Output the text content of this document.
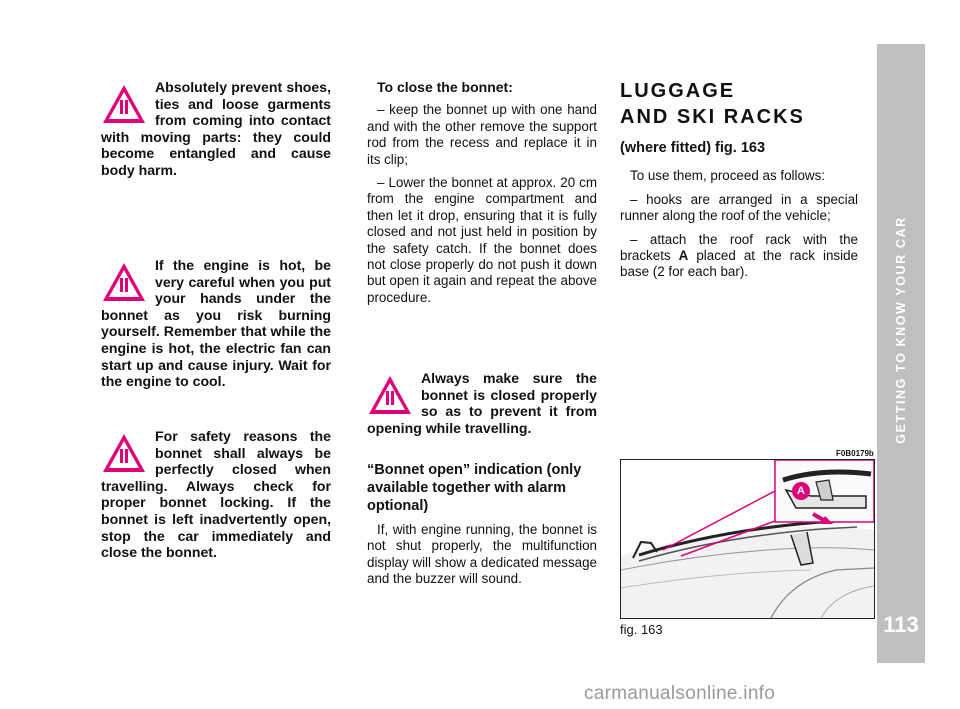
Absolutely prevent shoes, ties and loose garments from coming into contact with moving parts: they could become entangled and cause body harm.

If the engine is hot, be very careful when you put your hands under the bonnet as you risk burning yourself. Remember that while the engine is hot, the electric fan can start up and cause injury. Wait for the engine to cool.

For safety reasons the bonnet shall always be perfectly closed when travelling. Always check for proper bonnet locking. If the bonnet is left inadvertently open, stop the car immediately and close the bonnet.

To close the bonnet:

– keep the bonnet up with one hand and with the other remove the support rod from the recess and replace it in its clip;

– Lower the bonnet at approx. 20 cm from the engine compartment and then let it drop, ensuring that it is fully closed and not just held in position by the safety catch. If the bonnet does not close properly do not push it down but open it again and repeat the above procedure.

Always make sure the bonnet is closed properly so as to prevent it from opening while travelling.

“Bonnet open” indication (only available together with alarm optional)

If, with engine running, the bonnet is not shut properly, the multifunction display will show a dedicated message and the buzzer will sound.

LUGGAGE

AND SKI RACKS

(where fitted) fig. 163

To use them, proceed as follows:

– hooks are arranged in a special runner along the roof of the vehicle;

– attach the roof rack with the brackets A placed at the rack inside base (2 for each bar).

F0B0179b
A
fig. 163
GETTING TO KNOW YOUR CAR
113
carmanualsonline.info
